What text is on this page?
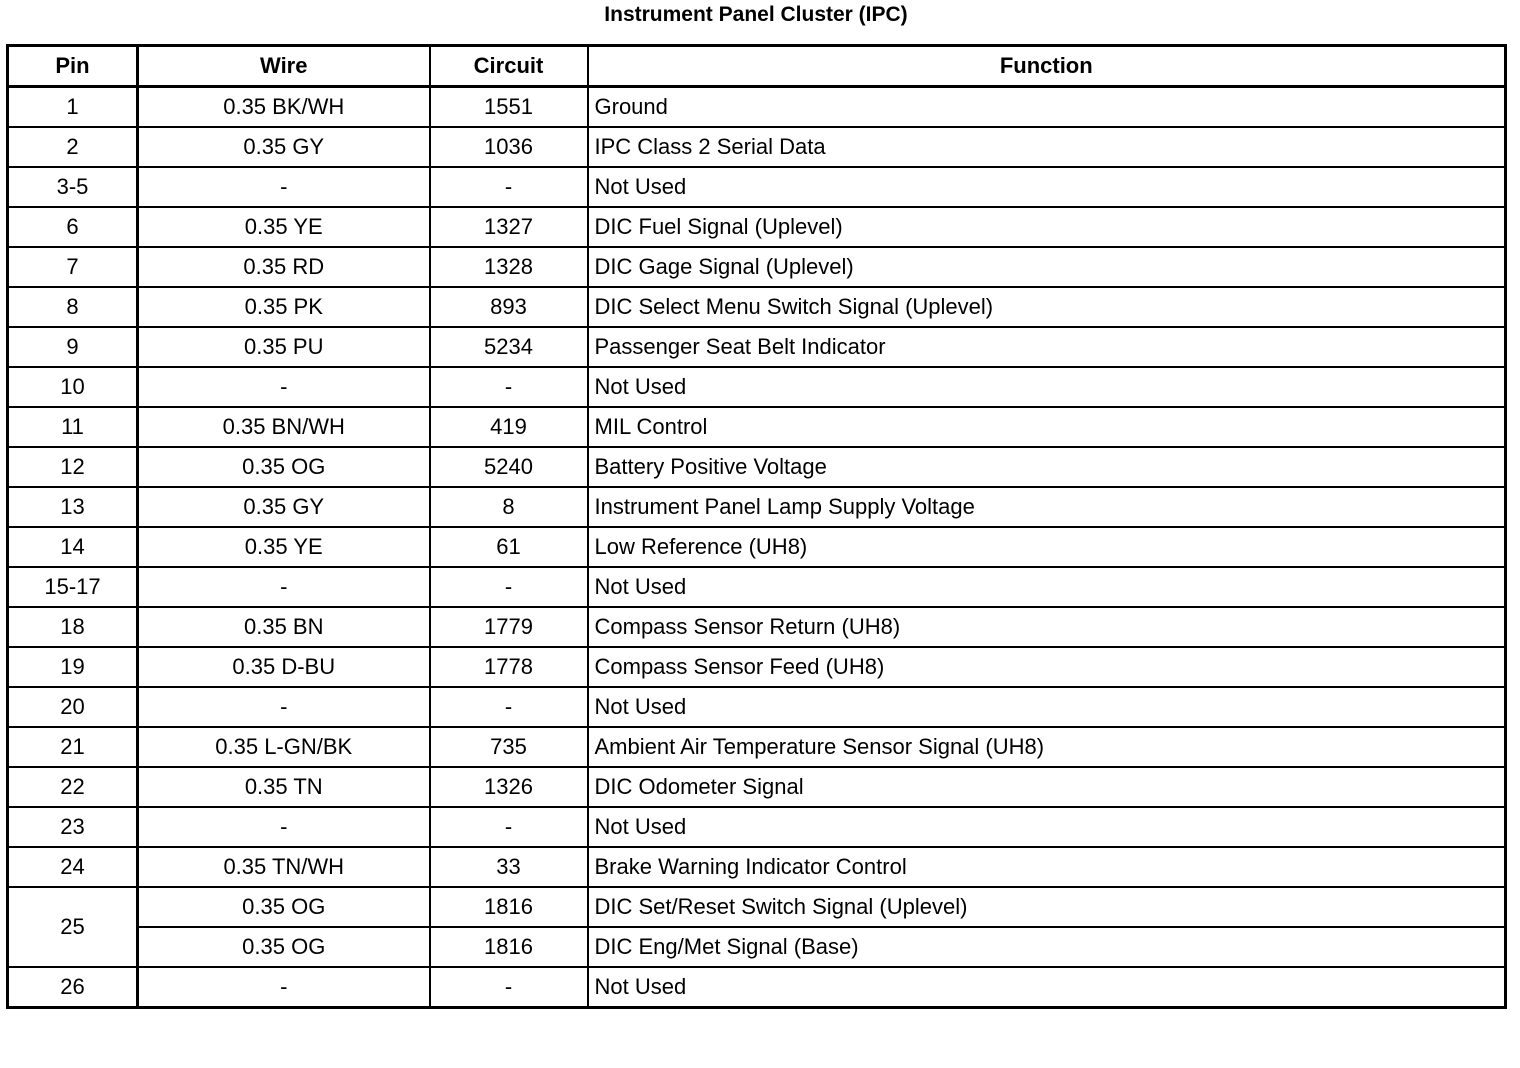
Instrument Panel Cluster (IPC)
Pin	Wire	Circuit	Function
1	0.35 BK/WH	1551	Ground
2	0.35 GY	1036	IPC Class 2 Serial Data
3-5	-	-	Not Used
6	0.35 YE	1327	DIC Fuel Signal (Uplevel)
7	0.35 RD	1328	DIC Gage Signal (Uplevel)
8	0.35 PK	893	DIC Select Menu Switch Signal (Uplevel)
9	0.35 PU	5234	Passenger Seat Belt Indicator
10	-	-	Not Used
11	0.35 BN/WH	419	MIL Control
12	0.35 OG	5240	Battery Positive Voltage
13	0.35 GY	8	Instrument Panel Lamp Supply Voltage
14	0.35 YE	61	Low Reference (UH8)
15-17	-	-	Not Used
18	0.35 BN	1779	Compass Sensor Return (UH8)
19	0.35 D-BU	1778	Compass Sensor Feed (UH8)
20	-	-	Not Used
21	0.35 L-GN/BK	735	Ambient Air Temperature Sensor Signal (UH8)
22	0.35 TN	1326	DIC Odometer Signal
23	-	-	Not Used
24	0.35 TN/WH	33	Brake Warning Indicator Control
25	0.35 OG	1816	DIC Set/Reset Switch Signal (Uplevel)
	0.35 OG	1816	DIC Eng/Met Signal (Base)
26	-	-	Not Used
